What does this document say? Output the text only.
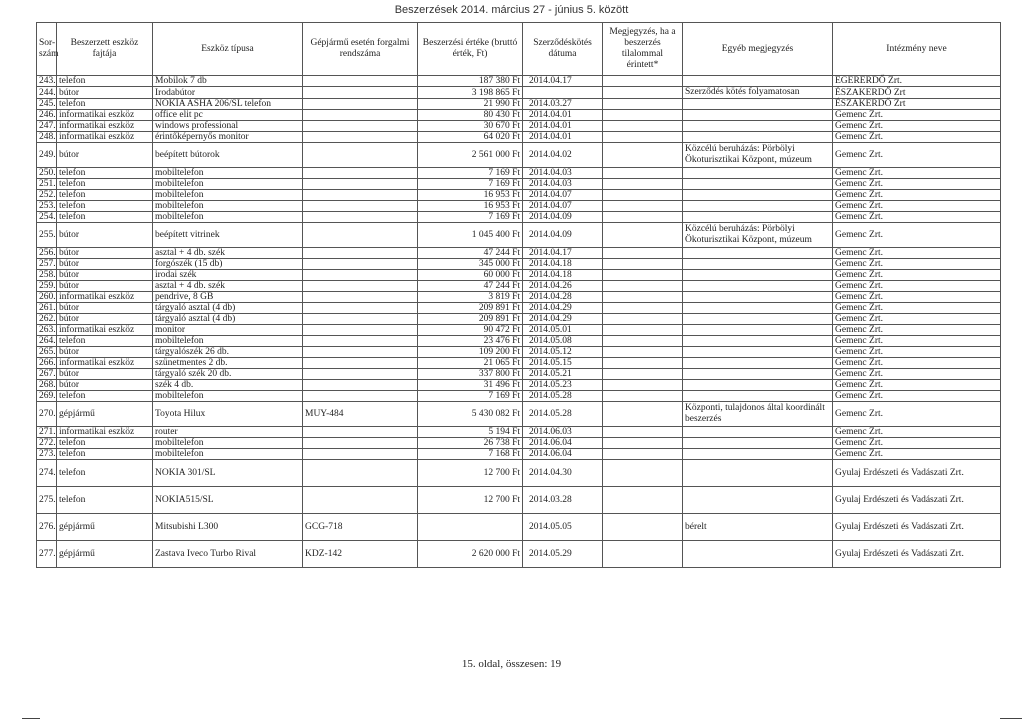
Beszerzések 2014. március 27 - június 5. között
Sor-szám	Beszerzett eszköz fajtája	Eszköz típusa	Gépjármű esetén forgalmi rendszáma	Beszerzési értéke (bruttó érték, Ft)	Szerződéskötés dátuma	Megjegyzés, ha a beszerzés tilalommal érintett*	Egyéb megjegyzés	Intézmény neve
243.	telefon	Mobilok 7 db		187 380 Ft	2014.04.17			EGERERDŐ Zrt.
244.	bútor	Irodabútor		3 198 865 Ft			Szerződés kötés folyamatosan	ÉSZAKERDŐ Zrt
245.	telefon	NOKIA ASHA 206/SL telefon		21 990 Ft	2014.03.27			ÉSZAKERDŐ Zrt
246.	informatikai eszköz	office elit pc		80 430 Ft	2014.04.01			Gemenc Zrt.
247.	informatikai eszköz	windows professional		30 670 Ft	2014.04.01			Gemenc Zrt.
248.	informatikai eszköz	érintőképernyős monitor		64 020 Ft	2014.04.01			Gemenc Zrt.
249.	bútor	beépített bútorok		2 561 000 Ft	2014.04.02		Közcélú beruházás: Pörbölyi Ökoturisztikai Központ, múzeum	Gemenc Zrt.
250.	telefon	mobiltelefon		7 169 Ft	2014.04.03			Gemenc Zrt.
251.	telefon	mobiltelefon		7 169 Ft	2014.04.03			Gemenc Zrt.
252.	telefon	mobiltelefon		16 953 Ft	2014.04.07			Gemenc Zrt.
253.	telefon	mobiltelefon		16 953 Ft	2014.04.07			Gemenc Zrt.
254.	telefon	mobiltelefon		7 169 Ft	2014.04.09			Gemenc Zrt.
255.	bútor	beépített vitrinek		1 045 400 Ft	2014.04.09		Közcélú beruházás: Pörbölyi Ökoturisztikai Központ, múzeum	Gemenc Zrt.
256.	bútor	asztal + 4 db. szék		47 244 Ft	2014.04.17			Gemenc Zrt.
257.	bútor	forgószék (15 db)		345 000 Ft	2014.04.18			Gemenc Zrt.
258.	bútor	irodai szék		60 000 Ft	2014.04.18			Gemenc Zrt.
259.	bútor	asztal + 4 db. szék		47 244 Ft	2014.04.26			Gemenc Zrt.
260.	informatikai eszköz	pendrive, 8 GB		3 819 Ft	2014.04.28			Gemenc Zrt.
261.	bútor	tárgyaló asztal (4 db)		209 891 Ft	2014.04.29			Gemenc Zrt.
262.	bútor	tárgyaló asztal (4 db)		209 891 Ft	2014.04.29			Gemenc Zrt.
263.	informatikai eszköz	monitor		90 472 Ft	2014.05.01			Gemenc Zrt.
264.	telefon	mobiltelefon		23 476 Ft	2014.05.08			Gemenc Zrt.
265.	bútor	tárgyalószék 26 db.		109 200 Ft	2014.05.12			Gemenc Zrt.
266.	informatikai eszköz	szünetmentes 2 db.		21 065 Ft	2014.05.15			Gemenc Zrt.
267.	bútor	tárgyaló szék 20 db.		337 800 Ft	2014.05.21			Gemenc Zrt.
268.	bútor	szék 4 db.		31 496 Ft	2014.05.23			Gemenc Zrt.
269.	telefon	mobiltelefon		7 169 Ft	2014.05.28			Gemenc Zrt.
270.	gépjármű	Toyota Hilux	MUY-484	5 430 082 Ft	2014.05.28		Központi, tulajdonos által koordinált beszerzés	Gemenc Zrt.
271.	informatikai eszköz	router		5 194 Ft	2014.06.03			Gemenc Zrt.
272.	telefon	mobiltelefon		26 738 Ft	2014.06.04			Gemenc Zrt.
273.	telefon	mobiltelefon		7 168 Ft	2014.06.04			Gemenc Zrt.
274.	telefon	NOKIA 301/SL		12 700 Ft	2014.04.30			Gyulaj Erdészeti és Vadászati Zrt.
275.	telefon	NOKIA515/SL		12 700 Ft	2014.03.28			Gyulaj Erdészeti és Vadászati Zrt.
276.	gépjármű	Mitsubishi L300	GCG-718		2014.05.05		bérelt	Gyulaj Erdészeti és Vadászati Zrt.
277.	gépjármű	Zastava Iveco Turbo Rival	KDZ-142	2 620 000 Ft	2014.05.29			Gyulaj Erdészeti és Vadászati Zrt.
15. oldal, összesen: 19
